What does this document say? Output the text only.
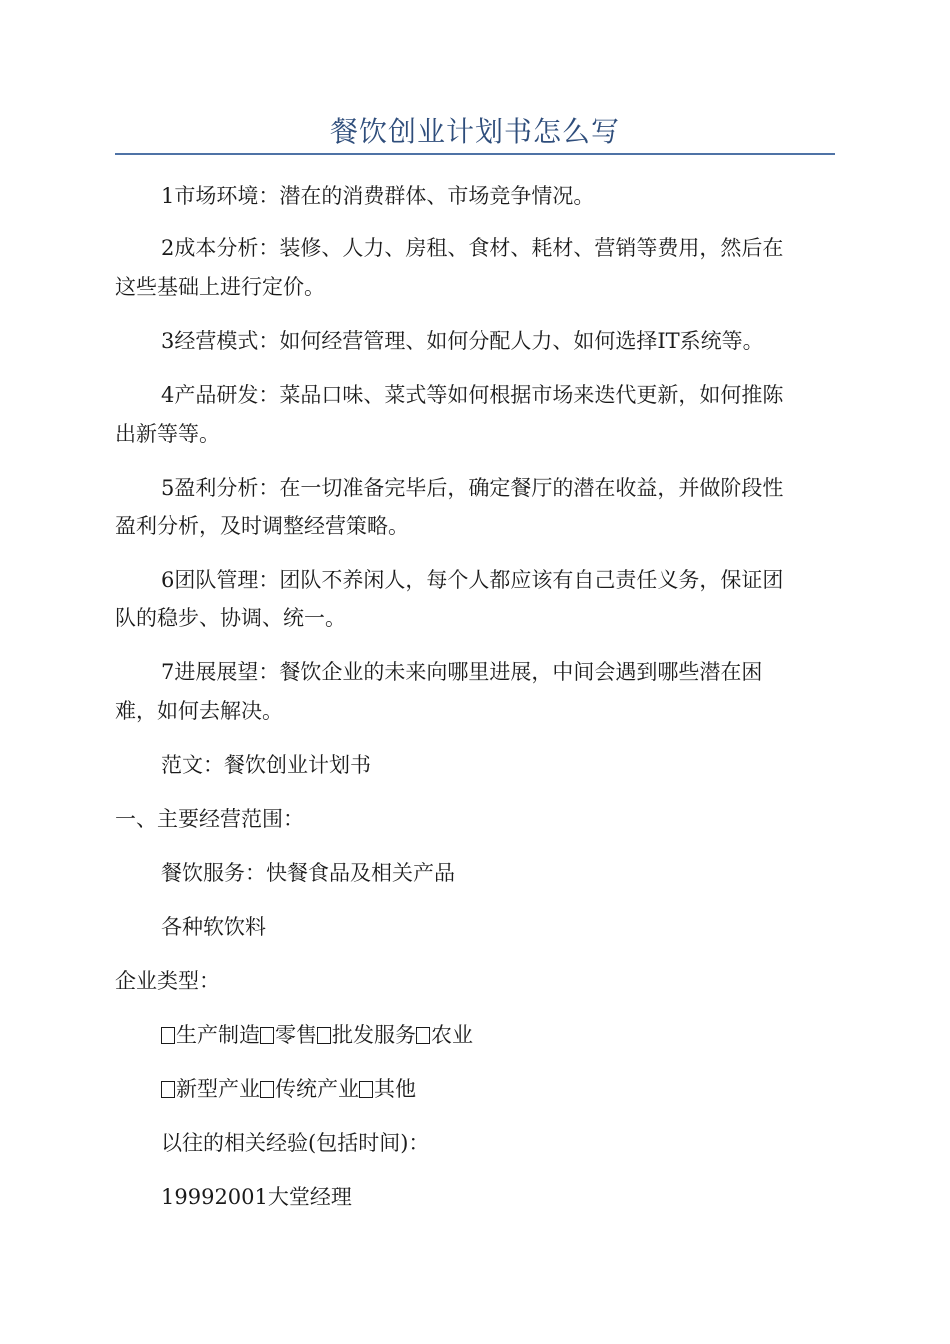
餐饮创业计划书怎么写
1市场环境：潜在的消费群体、市场竞争情况。
2成本分析：装修、人力、房租、食材、耗材、营销等费用，然后在
这些基础上进行定价。
3经营模式：如何经营管理、如何分配人力、如何选择IT系统等。
4产品研发：菜品口味、菜式等如何根据市场来迭代更新，如何推陈
出新等等。
5盈利分析：在一切准备完毕后，确定餐厅的潜在收益，并做阶段性
盈利分析，及时调整经营策略。
6团队管理：团队不养闲人，每个人都应该有自己责任义务，保证团
队的稳步、协调、统一。
7进展展望：餐饮企业的未来向哪里进展，中间会遇到哪些潜在困
难，如何去解决。
范文：餐饮创业计划书
一、主要经营范围：
餐饮服务：快餐食品及相关产品
各种软饮料
企业类型：
生产制造 零售 批发服务 农业
新型产业 传统产业 其他
以往的相关经验(包括时间)：
19992001大堂经理
